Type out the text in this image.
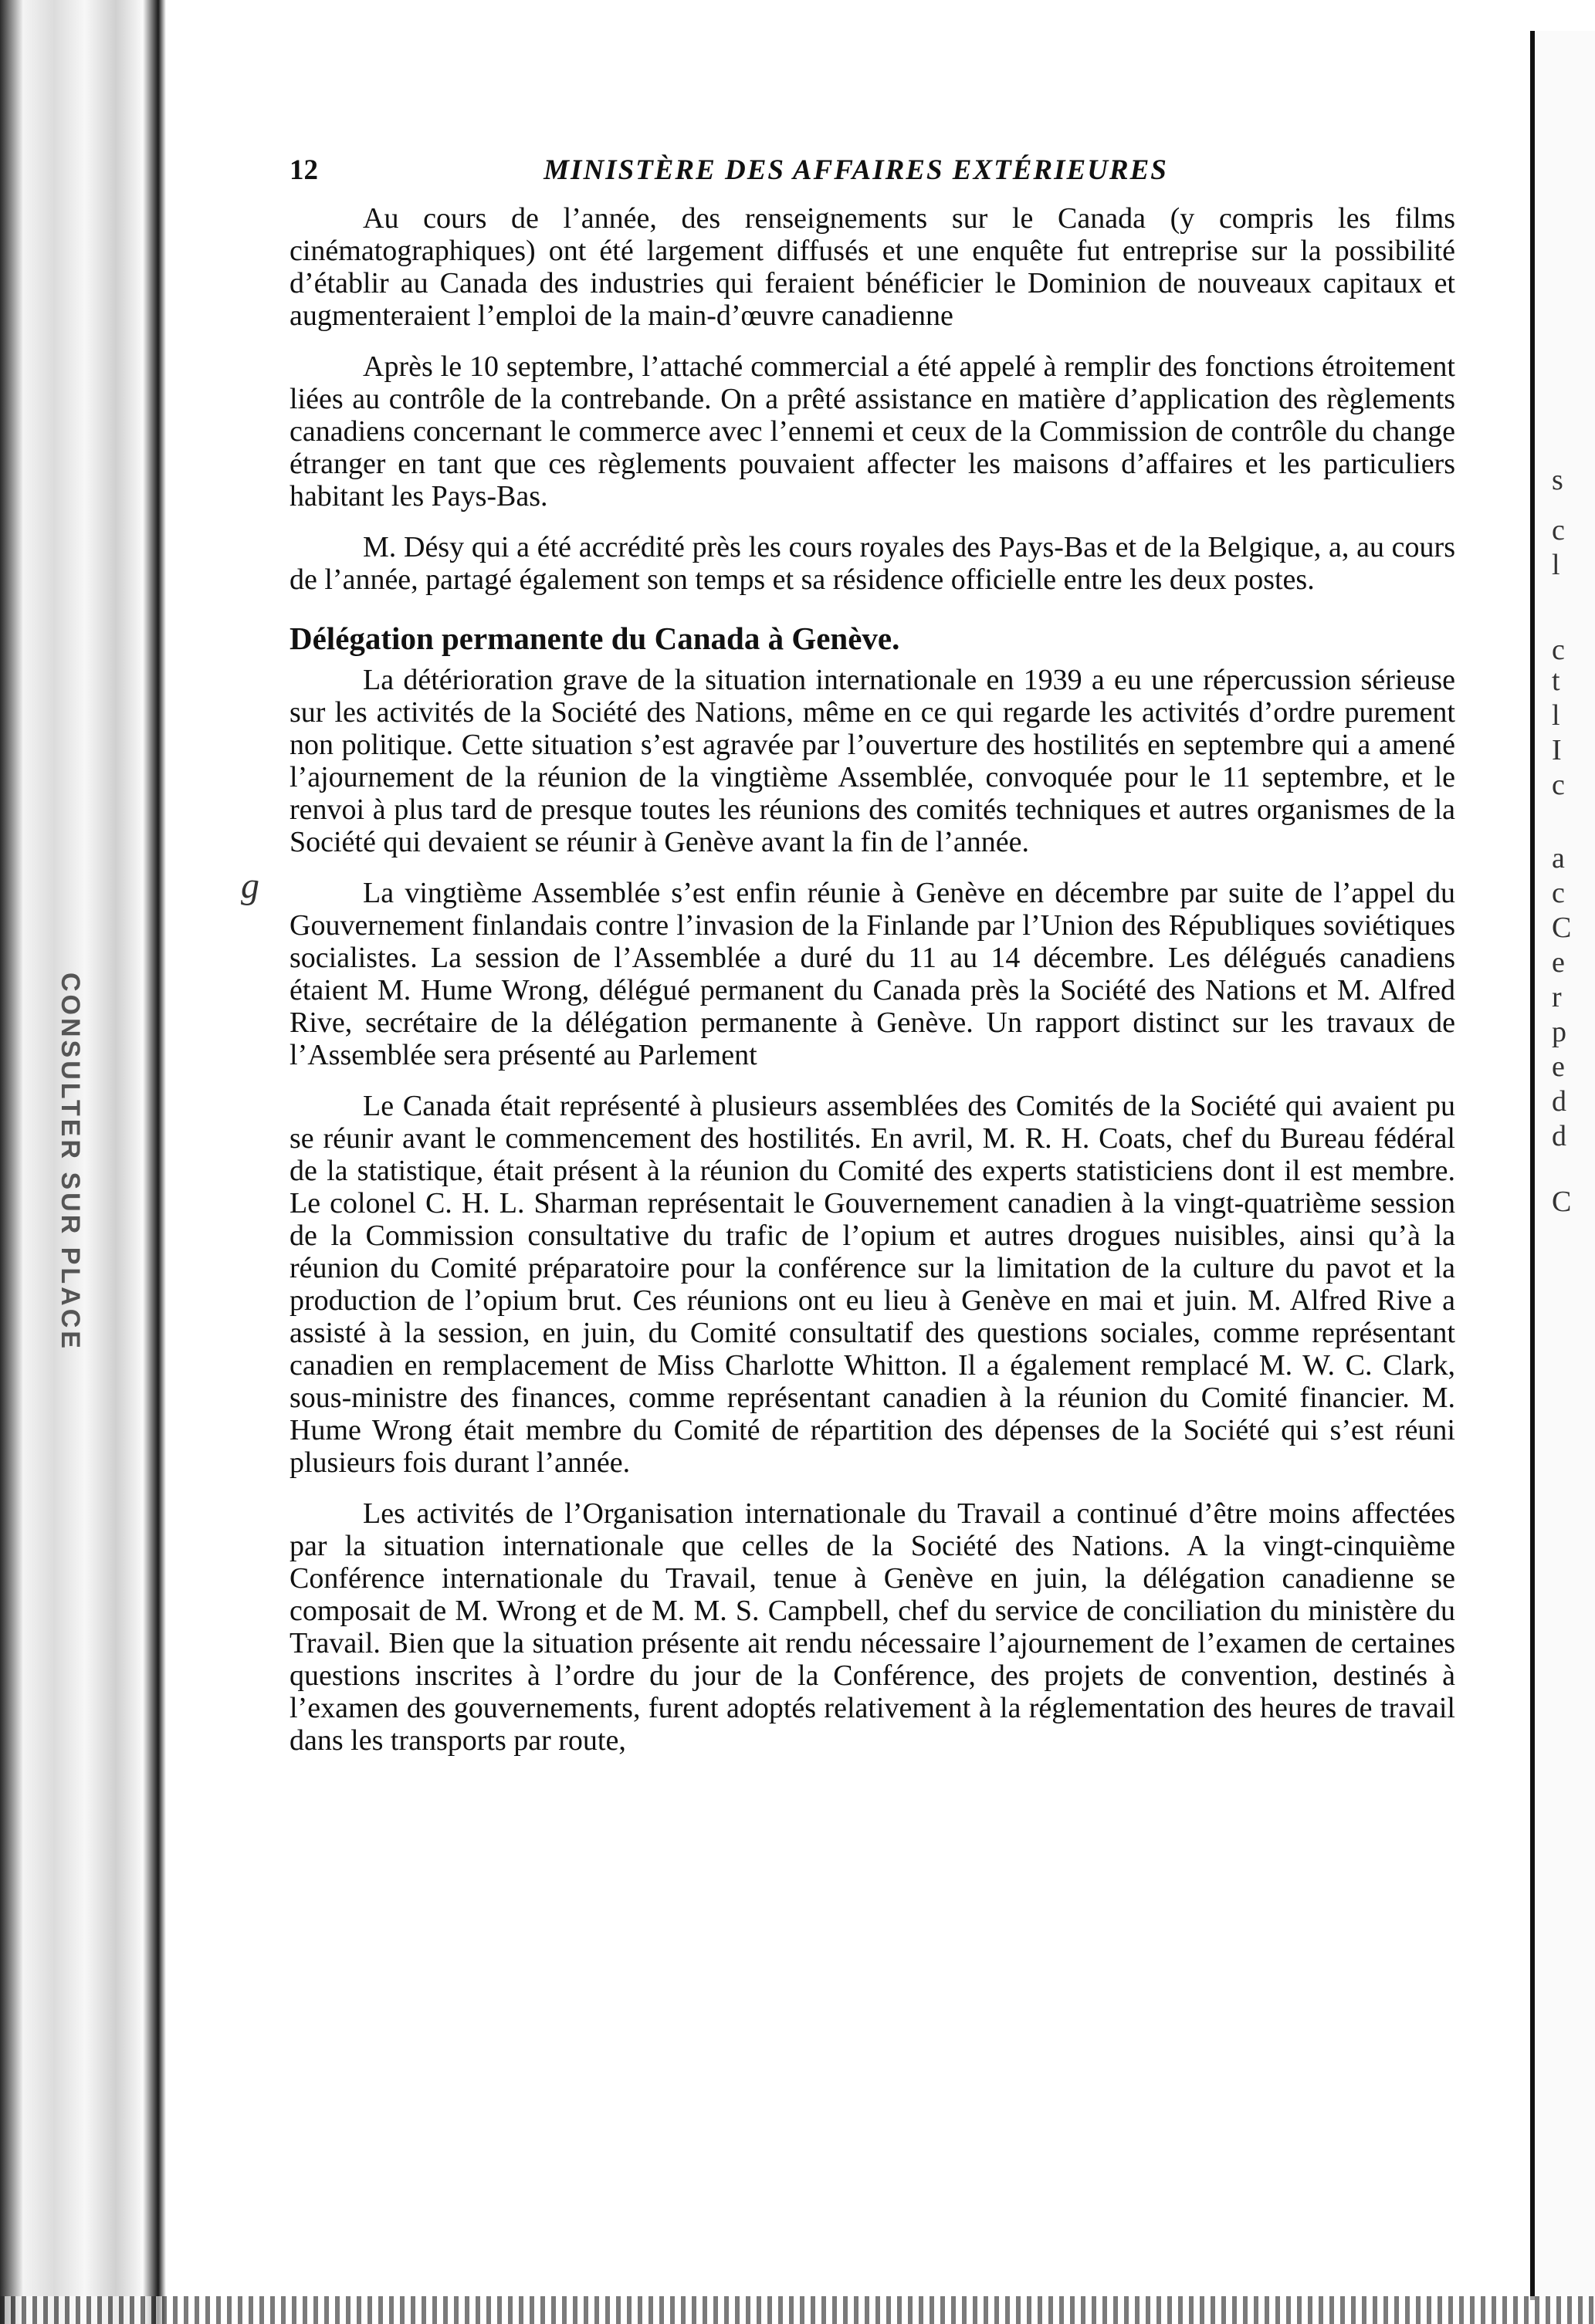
CONSULTER SUR PLACE
g
s
c
l
c
t
l
I
c
a
c
C
e
r
p
e
d
d
C
12	MINISTÈRE DES AFFAIRES EXTÉRIEURES

Au cours de l’année, des renseignements sur le Canada (y compris les films cinématographiques) ont été largement diffusés et une enquête fut entreprise sur la possibilité d’établir au Canada des industries qui feraient bénéficier le Dominion de nouveaux capitaux et augmenteraient l’emploi de la main-d’œuvre canadienne

Après le 10 septembre, l’attaché commercial a été appelé à remplir des fonctions étroitement liées au contrôle de la contrebande. On a prêté assistance en matière d’application des règlements canadiens concernant le commerce avec l’ennemi et ceux de la Commission de contrôle du change étranger en tant que ces règlements pouvaient affecter les maisons d’affaires et les particuliers habitant les Pays-Bas.

M. Désy qui a été accrédité près les cours royales des Pays-Bas et de la Belgique, a, au cours de l’année, partagé également son temps et sa résidence officielle entre les deux postes.

Délégation permanente du Canada à Genève.

La détérioration grave de la situation internationale en 1939 a eu une répercussion sérieuse sur les activités de la Société des Nations, même en ce qui regarde les activités d’ordre purement non politique. Cette situation s’est agravée par l’ouverture des hostilités en septembre qui a amené l’ajournement de la réunion de la vingtième Assemblée, convoquée pour le 11 septembre, et le renvoi à plus tard de presque toutes les réunions des comités techniques et autres organismes de la Société qui devaient se réunir à Genève avant la fin de l’année.

La vingtième Assemblée s’est enfin réunie à Genève en décembre par suite de l’appel du Gouvernement finlandais contre l’invasion de la Finlande par l’Union des Républiques soviétiques socialistes. La session de l’Assemblée a duré du 11 au 14 décembre. Les délégués canadiens étaient M. Hume Wrong, délégué permanent du Canada près la Société des Nations et M. Alfred Rive, secrétaire de la délégation permanente à Genève. Un rapport distinct sur les travaux de l’Assemblée sera présenté au Parlement

Le Canada était représenté à plusieurs assemblées des Comités de la Société qui avaient pu se réunir avant le commencement des hostilités. En avril, M. R. H. Coats, chef du Bureau fédéral de la statistique, était présent à la réunion du Comité des experts statisticiens dont il est membre. Le colonel C. H. L. Sharman représentait le Gouvernement canadien à la vingt-quatrième session de la Commission consultative du trafic de l’opium et autres drogues nuisibles, ainsi qu’à la réunion du Comité préparatoire pour la conférence sur la limitation de la culture du pavot et la production de l’opium brut. Ces réunions ont eu lieu à Genève en mai et juin. M. Alfred Rive a assisté à la session, en juin, du Comité consultatif des questions sociales, comme représentant canadien en remplacement de Miss Charlotte Whitton. Il a également remplacé M. W. C. Clark, sous-ministre des finances, comme représentant canadien à la réunion du Comité financier. M. Hume Wrong était membre du Comité de répartition des dépenses de la Société qui s’est réuni plusieurs fois durant l’année.

Les activités de l’Organisation internationale du Travail a continué d’être moins affectées par la situation internationale que celles de la Société des Nations. A la vingt-cinquième Conférence internationale du Travail, tenue à Genève en juin, la délégation canadienne se composait de M. Wrong et de M. M. S. Campbell, chef du service de conciliation du ministère du Travail. Bien que la situation présente ait rendu nécessaire l’ajournement de l’examen de certaines questions inscrites à l’ordre du jour de la Conférence, des projets de convention, destinés à l’examen des gouvernements, furent adoptés relativement à la réglementation des heures de travail dans les transports par route,
